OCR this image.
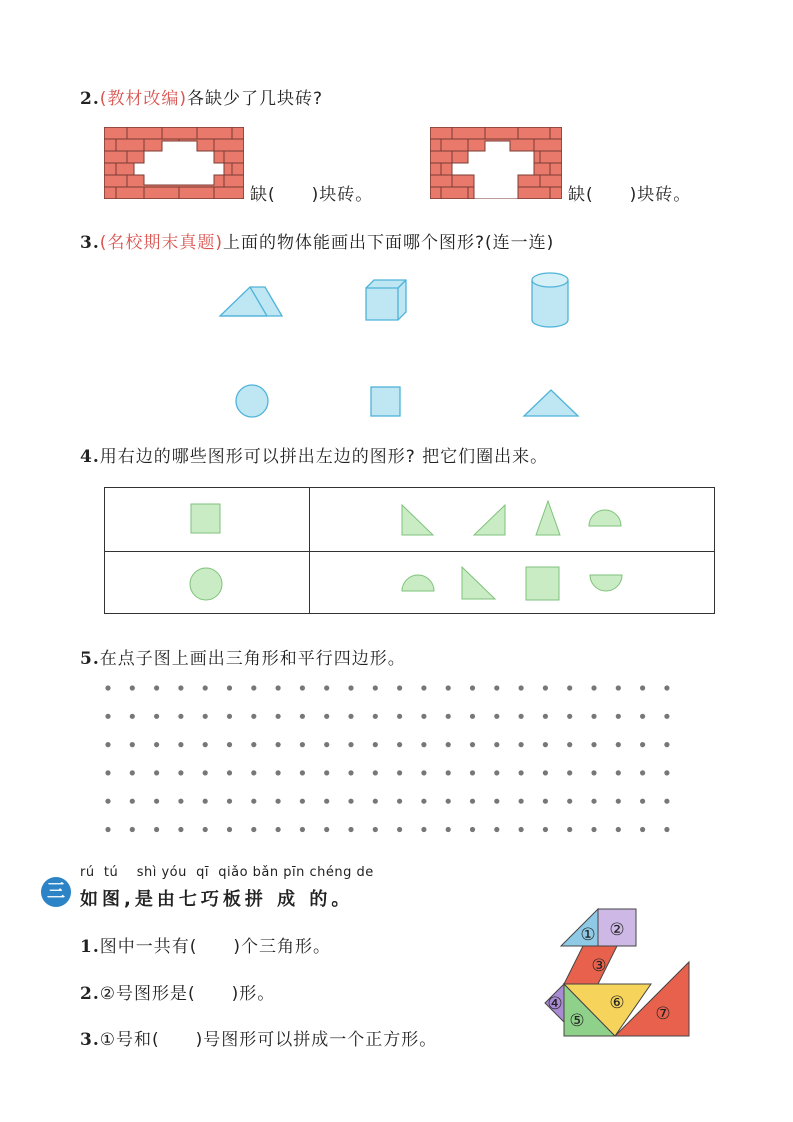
2.(教材改编)各缺少了几块砖?
缺(　　)块砖。	缺(　　)块砖。
3.(名校期末真题)上面的物体能画出下面哪个图形?(连一连)
4.用右边的哪些图形可以拼出左边的图形? 把它们圈出来。
5.在点子图上画出三角形和平行四边形。
三
rú  tú    shì yóu  qī  qiǎo bǎn pīn chéng de
如图,是由七巧板拼 成 的。
1.图中一共有(　　)个三角形。
2.②号图形是(　　)形。
3.①号和(　　)号图形可以拼成一个正方形。
① ②
③
④
⑤
⑥
⑦
